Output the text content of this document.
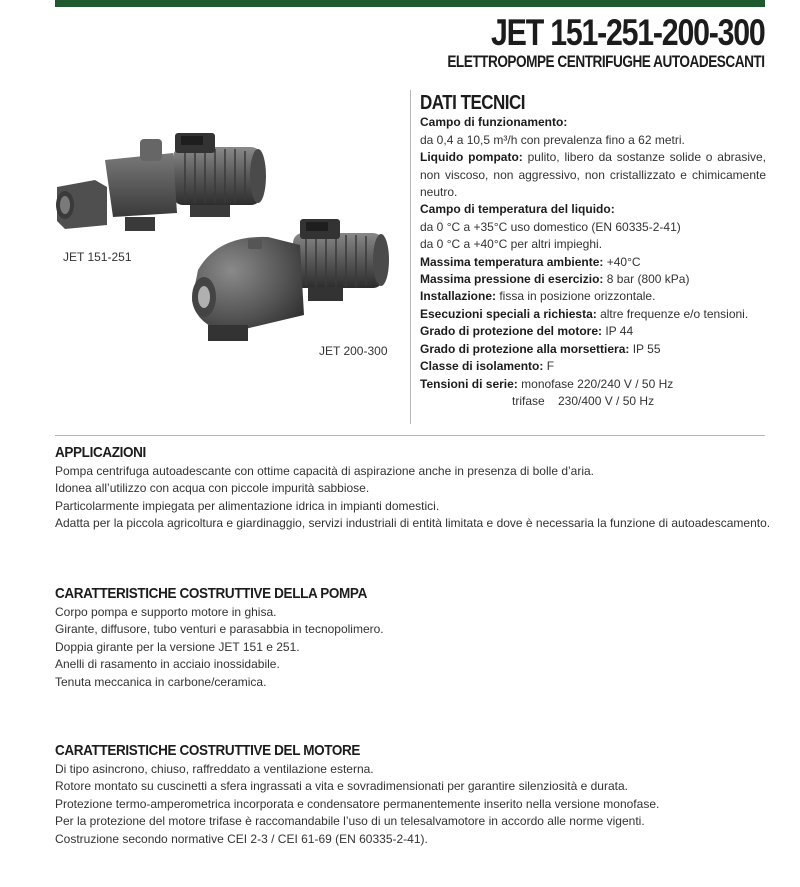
JET 151-251-200-300
ELETTROPOMPE CENTRIFUGHE AUTOADESCANTI
JET 151-251
JET 200-300
DATI TECNICI

Campo di funzionamento:

da 0,4 a 10,5 m³/h con prevalenza fino a 62 metri.

Liquido pompato: pulito, libero da sostanze solide o abrasive, non viscoso, non aggressivo, non cristallizzato e chimicamente neutro.

Campo di temperatura del liquido:

da 0 °C a +35°C uso domestico (EN 60335-2-41)

da 0 °C a +40°C per altri impieghi.

Massima temperatura ambiente: +40°C

Massima pressione di esercizio: 8 bar (800 kPa)

Installazione: fissa in posizione orizzontale.

Esecuzioni speciali a richiesta: altre frequenze e/o tensioni.

Grado di protezione del motore: IP 44

Grado di protezione alla morsettiera: IP 55

Classe di isolamento: F

Tensioni di serie: monofase 220/240 V / 50 Hz

trifase 230/400 V / 50 Hz

APPLICAZIONI

Pompa centrifuga autoadescante con ottime capacità di aspirazione anche in presenza di bolle d’aria.

Idonea all’utilizzo con acqua con piccole impurità sabbiose.

Particolarmente impiegata per alimentazione idrica in impianti domestici.

Adatta per la piccola agricoltura e giardinaggio, servizi industriali di entità limitata e dove è necessaria la funzione di autoadescamento.

CARATTERISTICHE COSTRUTTIVE DELLA POMPA

Corpo pompa e supporto motore in ghisa.

Girante, diffusore, tubo venturi e parasabbia in tecnopolimero.

Doppia girante per la versione JET 151 e 251.

Anelli di rasamento in acciaio inossidabile.

Tenuta meccanica in carbone/ceramica.

CARATTERISTICHE COSTRUTTIVE DEL MOTORE

Di tipo asincrono, chiuso, raffreddato a ventilazione esterna.

Rotore montato su cuscinetti a sfera ingrassati a vita e sovradimensionati per garantire silenziosità e durata.

Protezione termo-amperometrica incorporata e condensatore permanentemente inserito nella versione monofase.

Per la protezione del motore trifase è raccomandabile l’uso di un telesalvamotore in accordo alle norme vigenti.

Costruzione secondo normative CEI 2-3 / CEI 61-69 (EN 60335-2-41).
